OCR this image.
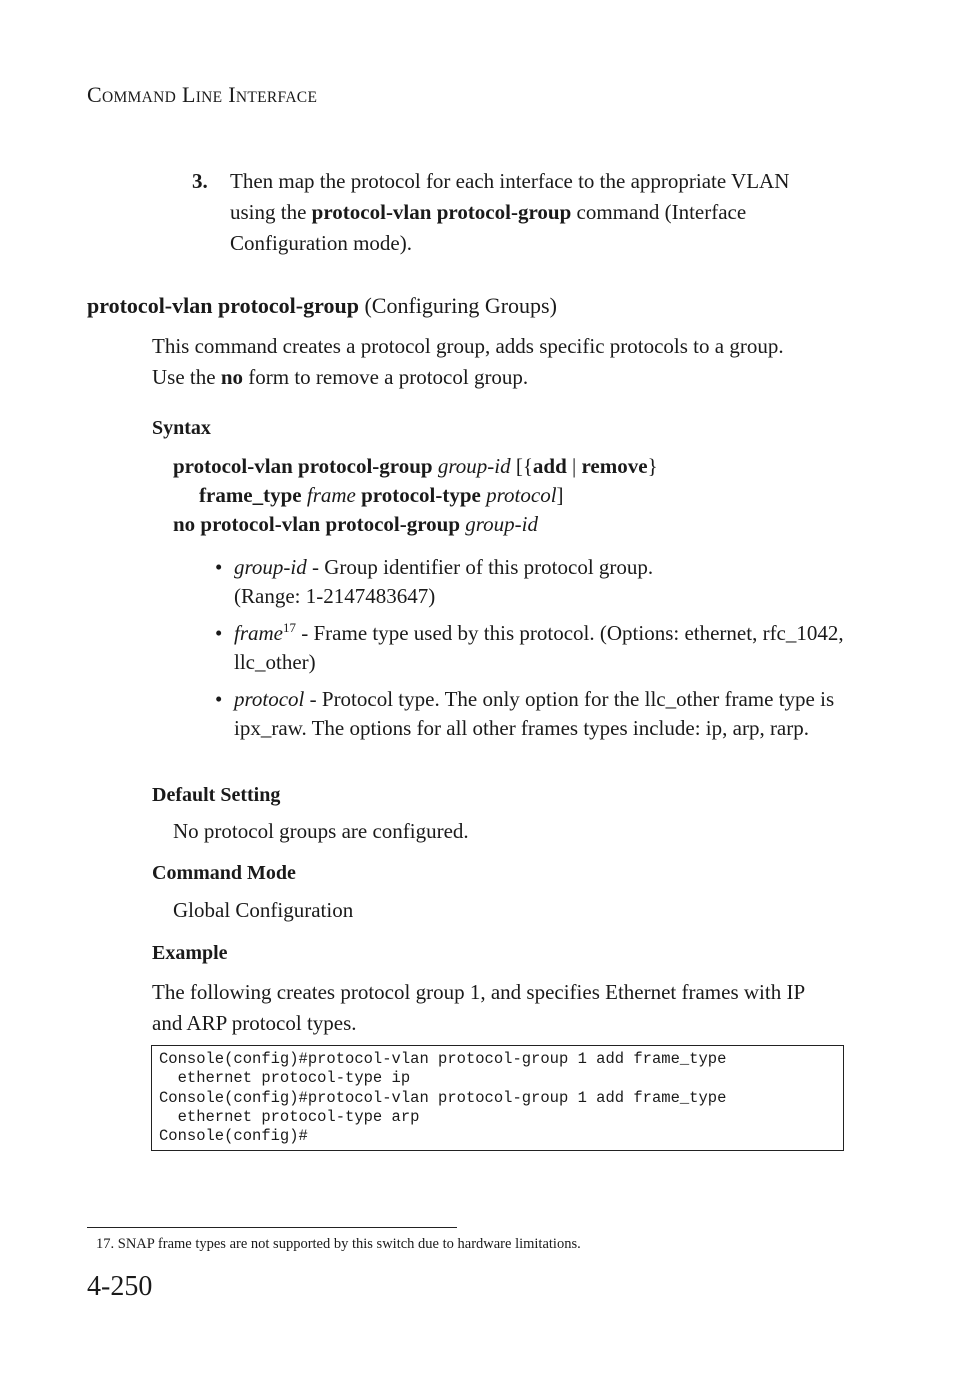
COMMAND LINE INTERFACE
3. Then map the protocol for each interface to the appropriate VLAN using the protocol-vlan protocol-group command (Interface Configuration mode).
protocol-vlan protocol-group (Configuring Groups)
This command creates a protocol group, adds specific protocols to a group. Use the no form to remove a protocol group.
Syntax
protocol-vlan protocol-group group-id [{add | remove}
frame_type frame protocol-type protocol]
no protocol-vlan protocol-group group-id
• group-id - Group identifier of this protocol group.
(Range: 1-2147483647)
• frame$^{17}$ - Frame type used by this protocol. (Options: ethernet, rfc_1042, llc_other)
• protocol - Protocol type. The only option for the llc_other frame type is ipx_raw. The options for all other frames types include: ip, arp, rarp.
Default Setting
No protocol groups are configured.
Command Mode
Global Configuration
Example
The following creates protocol group 1, and specifies Ethernet frames with IP and ARP protocol types.
Console(config)#protocol-vlan protocol-group 1 add frame_type
ethernet protocol-type ip
Console(config)#protocol-vlan protocol-group 1 add frame_type
ethernet protocol-type arp
Console(config)#
17. SNAP frame types are not supported by this switch due to hardware limitations.
4-250
